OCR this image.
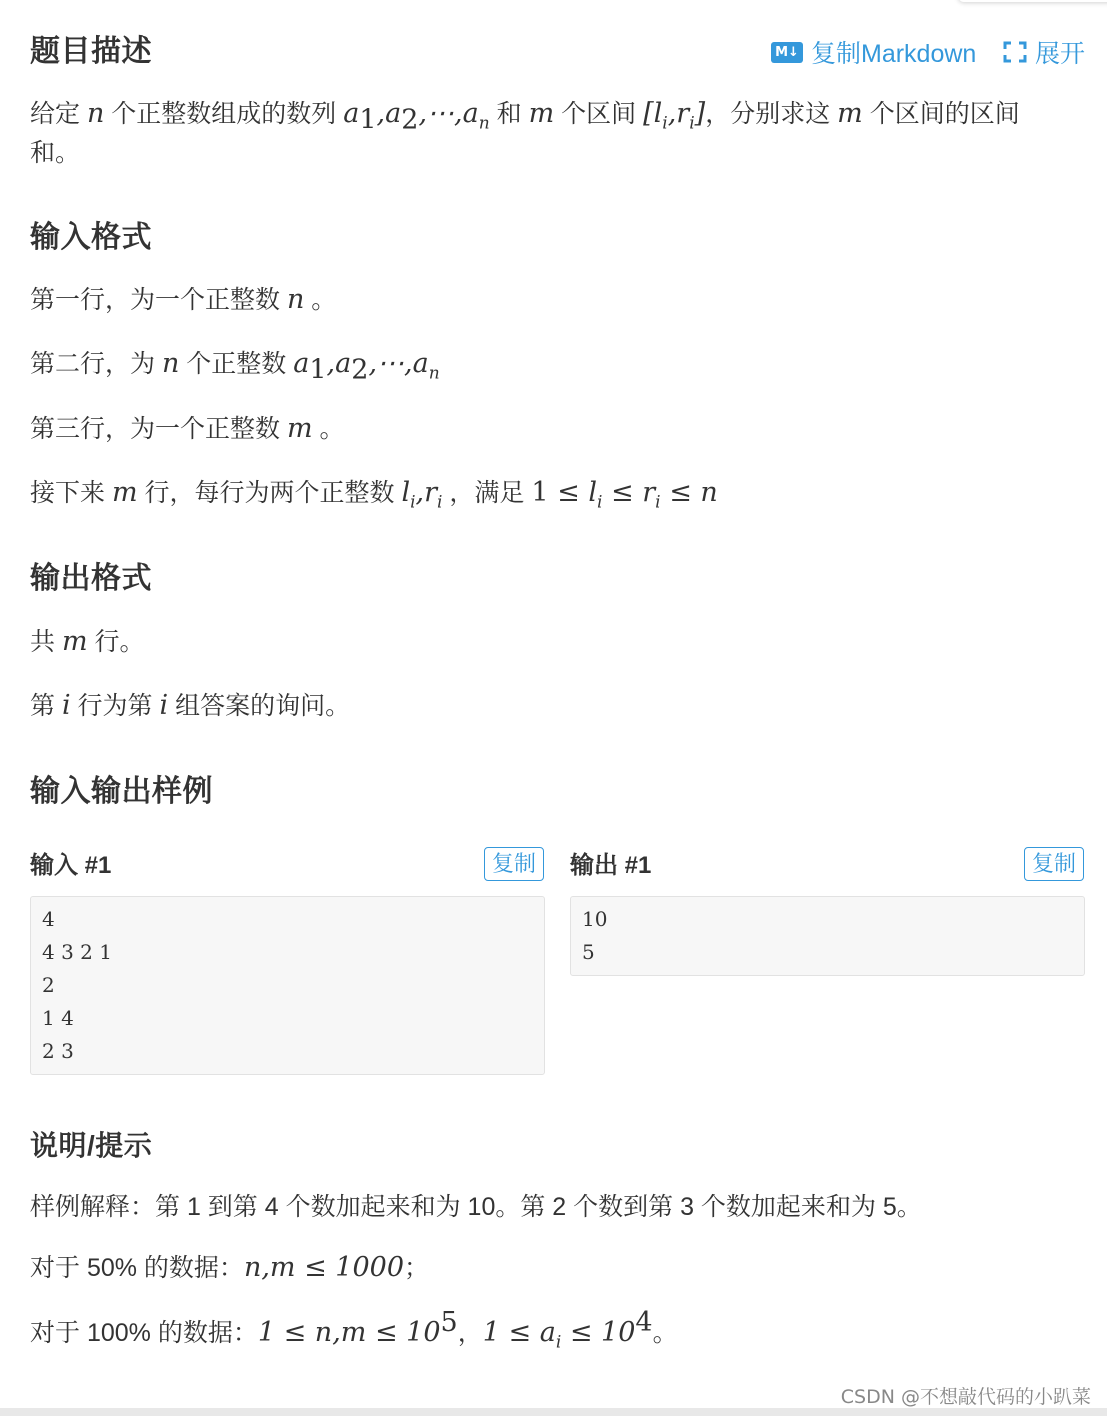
题目描述	M↓ 复制Markdown 展开
给定 n 个正整数组成的数列 $a_1,a_2,\cdots,a_n$ 和 m 个区间 $[l_i,r_i]$，分别求这 m 个区间的区间
和。
输入格式
第一行，为一个正整数 n 。
第二行，为 n 个正整数 $a_1,a_2,\cdots,a_n$
第三行，为一个正整数 m 。
接下来 m 行，每行为两个正整数 $l_i,r_i$ ，满足 $1 \le l_i \le r_i \le n$
输出格式
共 m 行。
第 i 行为第 i 组答案的询问。
输入输出样例
输入 #1	复制
4
4 3 2 1
2
1 4
2 3
输出 #1	复制
10
5
说明/提示
样例解释：第 1 到第 4 个数加起来和为 10。第 2 个数到第 3 个数加起来和为 5。
对于 50% 的数据：n,m ≤ 1000；
对于 100% 的数据：$1 \le n,m \le 10^5$，$1 \le a_i \le 10^4$。
CSDN @不想敲代码的小趴菜
